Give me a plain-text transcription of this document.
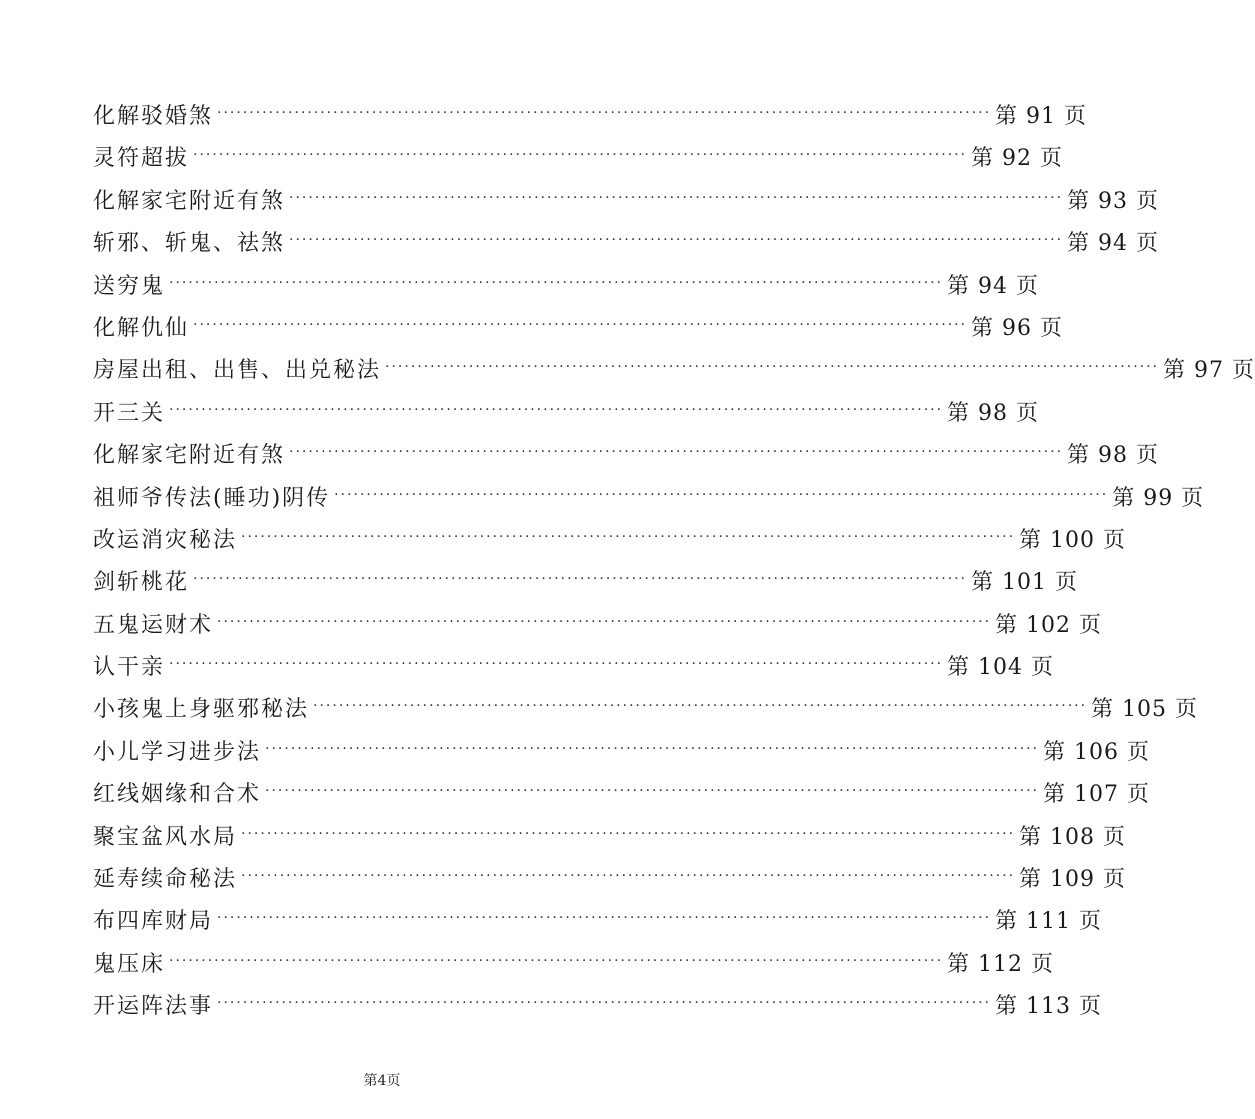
化解驳婚煞 ························································································································ 第 91 页
灵符超拔 ························································································································ 第 92 页
化解家宅附近有煞 ························································································································ 第 93 页
斩邪、斩鬼、祛煞 ························································································································ 第 94 页
送穷鬼 ························································································································ 第 94 页
化解仇仙 ························································································································ 第 96 页
房屋出租、出售、出兑秘法 ························································································································ 第 97 页
开三关 ························································································································ 第 98 页
化解家宅附近有煞 ························································································································ 第 98 页
祖师爷传法(睡功)阴传 ························································································································ 第 99 页
改运消灾秘法 ························································································································ 第 100 页
剑斩桃花 ························································································································ 第 101 页
五鬼运财术 ························································································································ 第 102 页
认干亲 ························································································································ 第 104 页
小孩鬼上身驱邪秘法 ························································································································ 第 105 页
小儿学习进步法 ························································································································ 第 106 页
红线姻缘和合术 ························································································································ 第 107 页
聚宝盆风水局 ························································································································ 第 108 页
延寿续命秘法 ························································································································ 第 109 页
布四库财局 ························································································································ 第 111 页
鬼压床 ························································································································ 第 112 页
开运阵法事 ························································································································ 第 113 页
第4页
